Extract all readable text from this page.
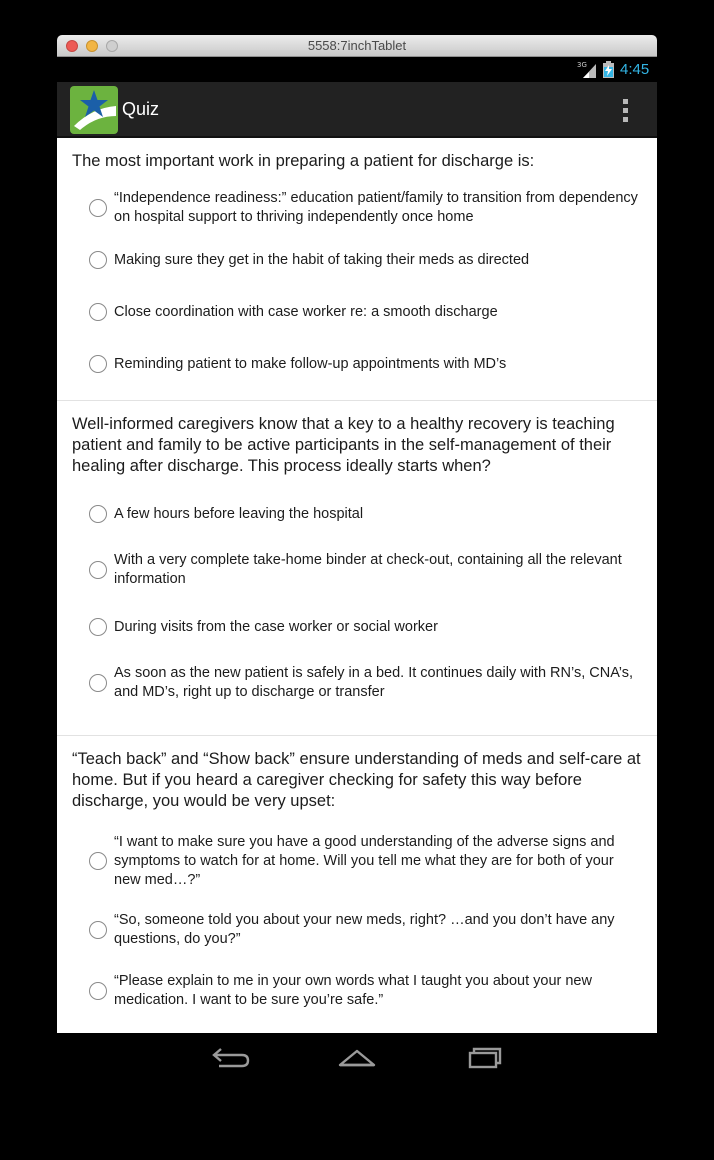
5558:7inchTablet
3G 4:45
Quiz
The most important work in preparing a patient for discharge is:
“Independence readiness:” education patient/family to transition from dependency on hospital support to thriving independently once home
Making sure they get in the habit of taking their meds as directed
Close coordination with case worker re: a smooth discharge
Reminding patient to make follow-up appointments with MD’s
Well-informed caregivers know that a key to a healthy recovery is teaching patient and family to be active participants in the self-management of their healing after discharge. This process ideally starts when?
A few hours before leaving the hospital
With a very complete take-home binder at check-out, containing all the relevant information
During visits from the case worker or social worker
As soon as the new patient is safely in a bed. It continues daily with RN’s, CNA’s, and MD’s, right up to discharge or transfer
“Teach back” and “Show back” ensure understanding of meds and self-care at home. But if you heard a caregiver checking for safety this way before discharge, you would be very upset:
“I want to make sure you have a good understanding of the adverse signs and symptoms to watch for at home. Will you tell me what they are for both of your new med…?”
“So, someone told you about your new meds, right? …and you don’t have any questions, do you?”
“Please explain to me in your own words what I taught you about your new medication. I want to be sure you’re safe.”
